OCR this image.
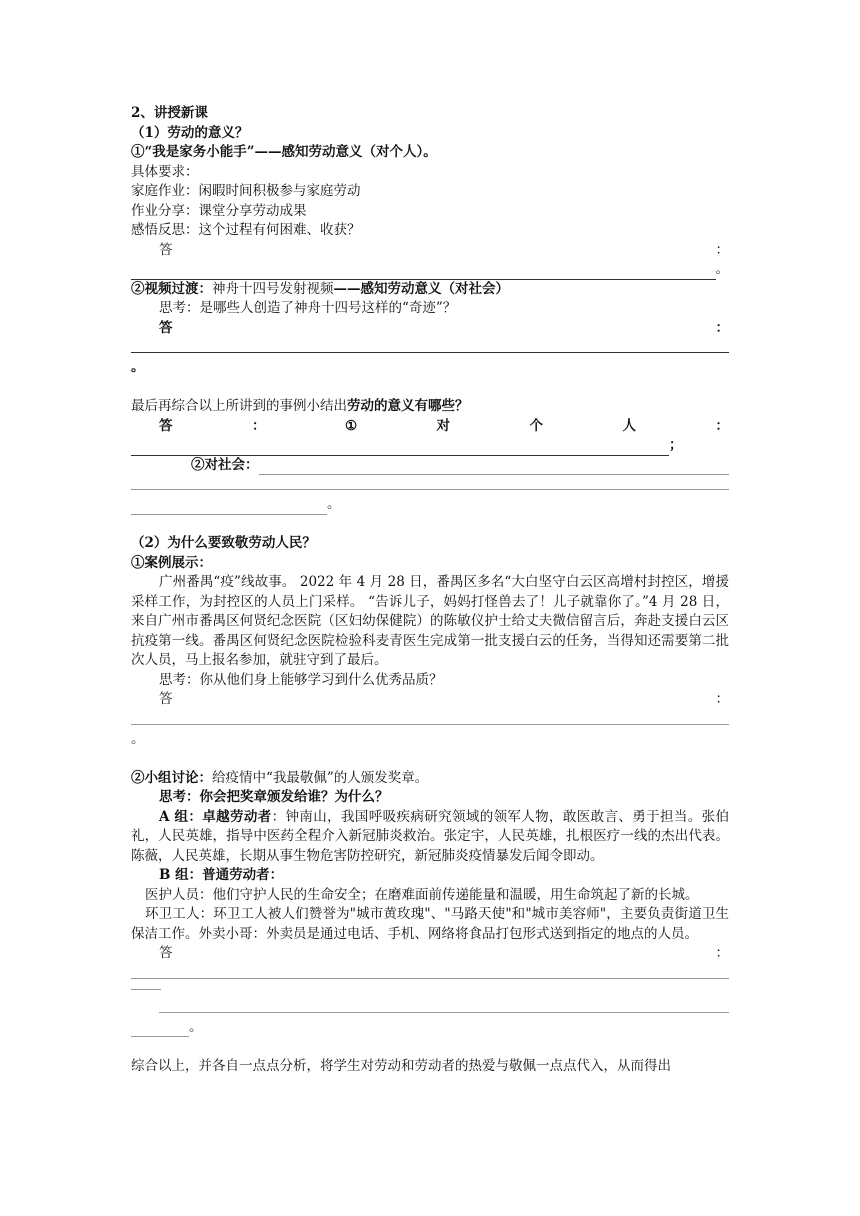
2、讲授新课
（1）劳动的意义？
①“我是家务小能手”——感知劳动意义（对个人）。
具体要求：
家庭作业：闲暇时间积极参与家庭劳动
作业分享：课堂分享劳动成果
感悟反思：这个过程有何困难、收获？
答	：
。
②视频过渡：神舟十四号发射视频——感知劳动意义（对社会）
思考：是哪些人创造了神舟十四号这样的“奇迹”？
答	：
。
最后再综合以上所讲到的事例小结出劳动的意义有哪些？
答	：	①	对	个	人	：
；
②对社会：
。
（2）为什么要致敬劳动人民？
①案例展示：
广州番禺“疫”线故事。 2022 年 4 月 28 日，番禺区多名“大白坚守白云区高增村封控区，增援采样工作，为封控区的人员上门采样。 “告诉儿子，妈妈打怪兽去了！儿子就靠你了。”4 月 28 日，来自广州市番禺区何贤纪念医院（区妇幼保健院）的陈敏仪护士给丈夫微信留言后，奔赴支援白云区抗疫第一线。番禺区何贤纪念医院检验科麦青医生完成第一批支援白云的任务，当得知还需要第二批次人员，马上报名参加，就驻守到了最后。
思考：你从他们身上能够学习到什么优秀品质？
答	：
。
②小组讨论：给疫情中“我最敬佩”的人颁发奖章。
思考：你会把奖章颁发给谁？为什么？
A 组：卓越劳动者：钟南山，我国呼吸疾病研究领域的领军人物，敢医敢言、勇于担当。张伯礼，人民英雄，指导中医药全程介入新冠肺炎救治。张定宇，人民英雄，扎根医疗一线的杰出代表。陈薇，人民英雄，长期从事生物危害防控研究，新冠肺炎疫情暴发后闻令即动。
B 组：普通劳动者：
医护人员：他们守护人民的生命安全；在磨难面前传递能量和温暖，用生命筑起了新的长城。
环卫工人：环卫工人被人们赞誉为"城市黄玫瑰"、"马路天使"和"城市美容师"，主要负责街道卫生保洁工作。外卖小哥：外卖员是通过电话、手机、网络将食品打包形式送到指定的地点的人员。
答	：
。
综合以上，并各自一点点分析，将学生对劳动和劳动者的热爱与敬佩一点点代入，从而得出
